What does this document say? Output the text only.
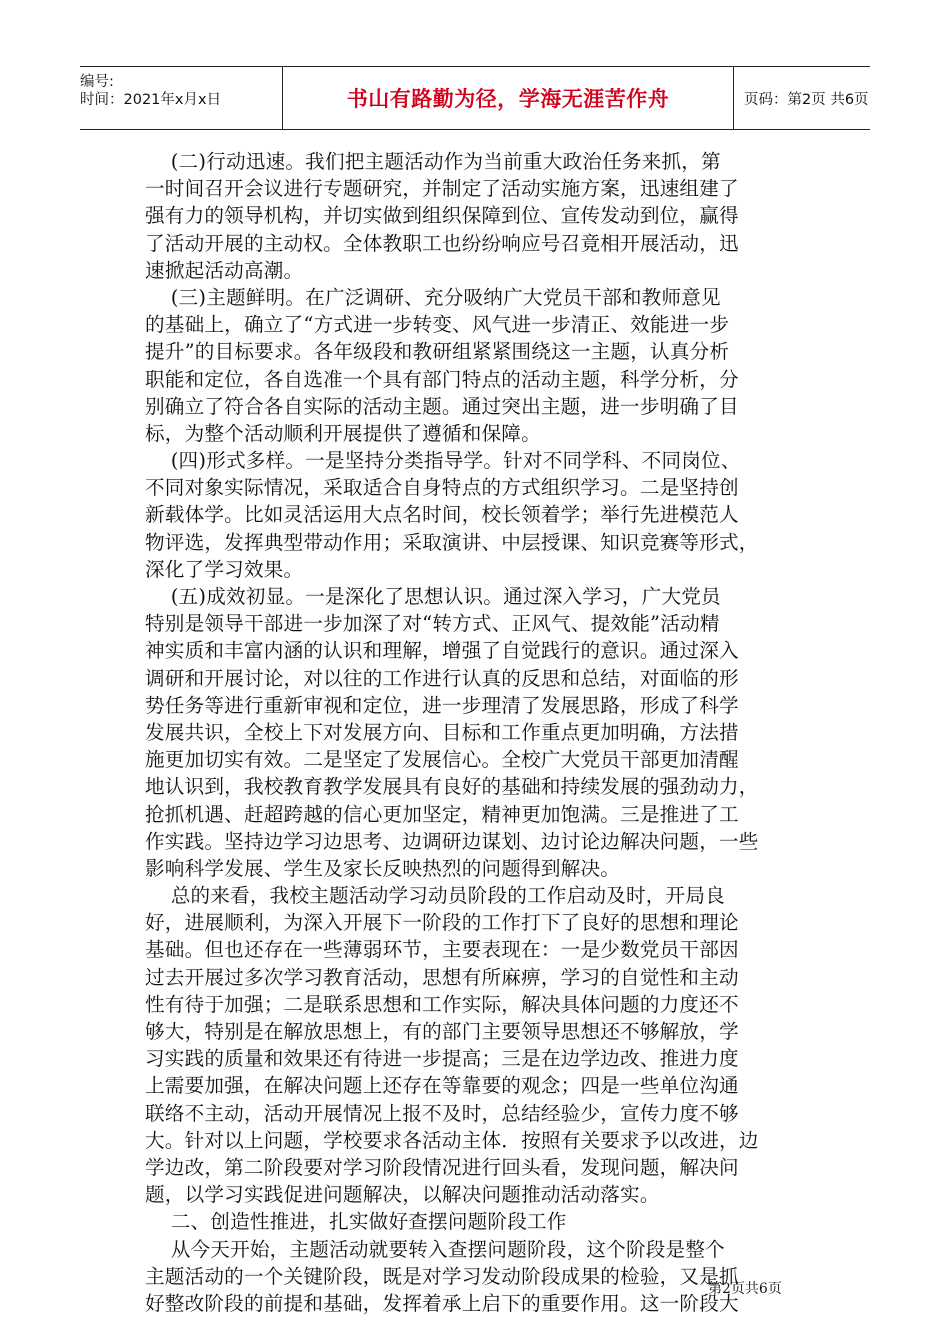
编号:
时间：2021年x月x日	书山有路勤为径，学海无涯苦作舟	页码：第2页 共6页
(二)行动迅速。我们把主题活动作为当前重大政治任务来抓，第
一时间召开会议进行专题研究，并制定了活动实施方案，迅速组建了
强有力的领导机构，并切实做到组织保障到位、宣传发动到位，赢得
了活动开展的主动权。全体教职工也纷纷响应号召竟相开展活动，迅
速掀起活动高潮。
(三)主题鲜明。在广泛调研、充分吸纳广大党员干部和教师意见
的基础上，确立了“方式进一步转变、风气进一步清正、效能进一步
提升”的目标要求。各年级段和教研组紧紧围绕这一主题，认真分析
职能和定位，各自选准一个具有部门特点的活动主题，科学分析，分
别确立了符合各自实际的活动主题。通过突出主题，进一步明确了目
标，为整个活动顺利开展提供了遵循和保障。
(四)形式多样。一是坚持分类指导学。针对不同学科、不同岗位、
不同对象实际情况，采取适合自身特点的方式组织学习。二是坚持创
新载体学。比如灵活运用大点名时间，校长领着学；举行先进模范人
物评选，发挥典型带动作用；采取演讲、中层授课、知识竞赛等形式，
深化了学习效果。
(五)成效初显。一是深化了思想认识。通过深入学习，广大党员
特别是领导干部进一步加深了对“转方式、正风气、提效能”活动精
神实质和丰富内涵的认识和理解，增强了自觉践行的意识。通过深入
调研和开展讨论，对以往的工作进行认真的反思和总结，对面临的形
势任务等进行重新审视和定位，进一步理清了发展思路，形成了科学
发展共识，全校上下对发展方向、目标和工作重点更加明确，方法措
施更加切实有效。二是坚定了发展信心。全校广大党员干部更加清醒
地认识到，我校教育教学发展具有良好的基础和持续发展的强劲动力，
抢抓机遇、赶超跨越的信心更加坚定，精神更加饱满。三是推进了工
作实践。坚持边学习边思考、边调研边谋划、边讨论边解决问题，一些
影响科学发展、学生及家长反映热烈的问题得到解决。
总的来看，我校主题活动学习动员阶段的工作启动及时，开局良
好，进展顺利，为深入开展下一阶段的工作打下了良好的思想和理论
基础。但也还存在一些薄弱环节，主要表现在：一是少数党员干部因
过去开展过多次学习教育活动，思想有所麻痹，学习的自觉性和主动
性有待于加强；二是联系思想和工作实际，解决具体问题的力度还不
够大，特别是在解放思想上，有的部门主要领导思想还不够解放，学
习实践的质量和效果还有待进一步提高；三是在边学边改、推进力度
上需要加强，在解决问题上还存在等靠要的观念；四是一些单位沟通
联络不主动，活动开展情况上报不及时，总结经验少，宣传力度不够
大。针对以上问题，学校要求各活动主体．按照有关要求予以改进，边
学边改，第二阶段要对学习阶段情况进行回头看，发现问题，解决问
题，以学习实践促进问题解决，以解决问题推动活动落实。
二、创造性推进，扎实做好查摆问题阶段工作
从今天开始，主题活动就要转入查摆问题阶段，这个阶段是整个
主题活动的一个关键阶段，既是对学习发动阶段成果的检验，又是抓
好整改阶段的前提和基础，发挥着承上启下的重要作用。这一阶段大
第2页共6页
